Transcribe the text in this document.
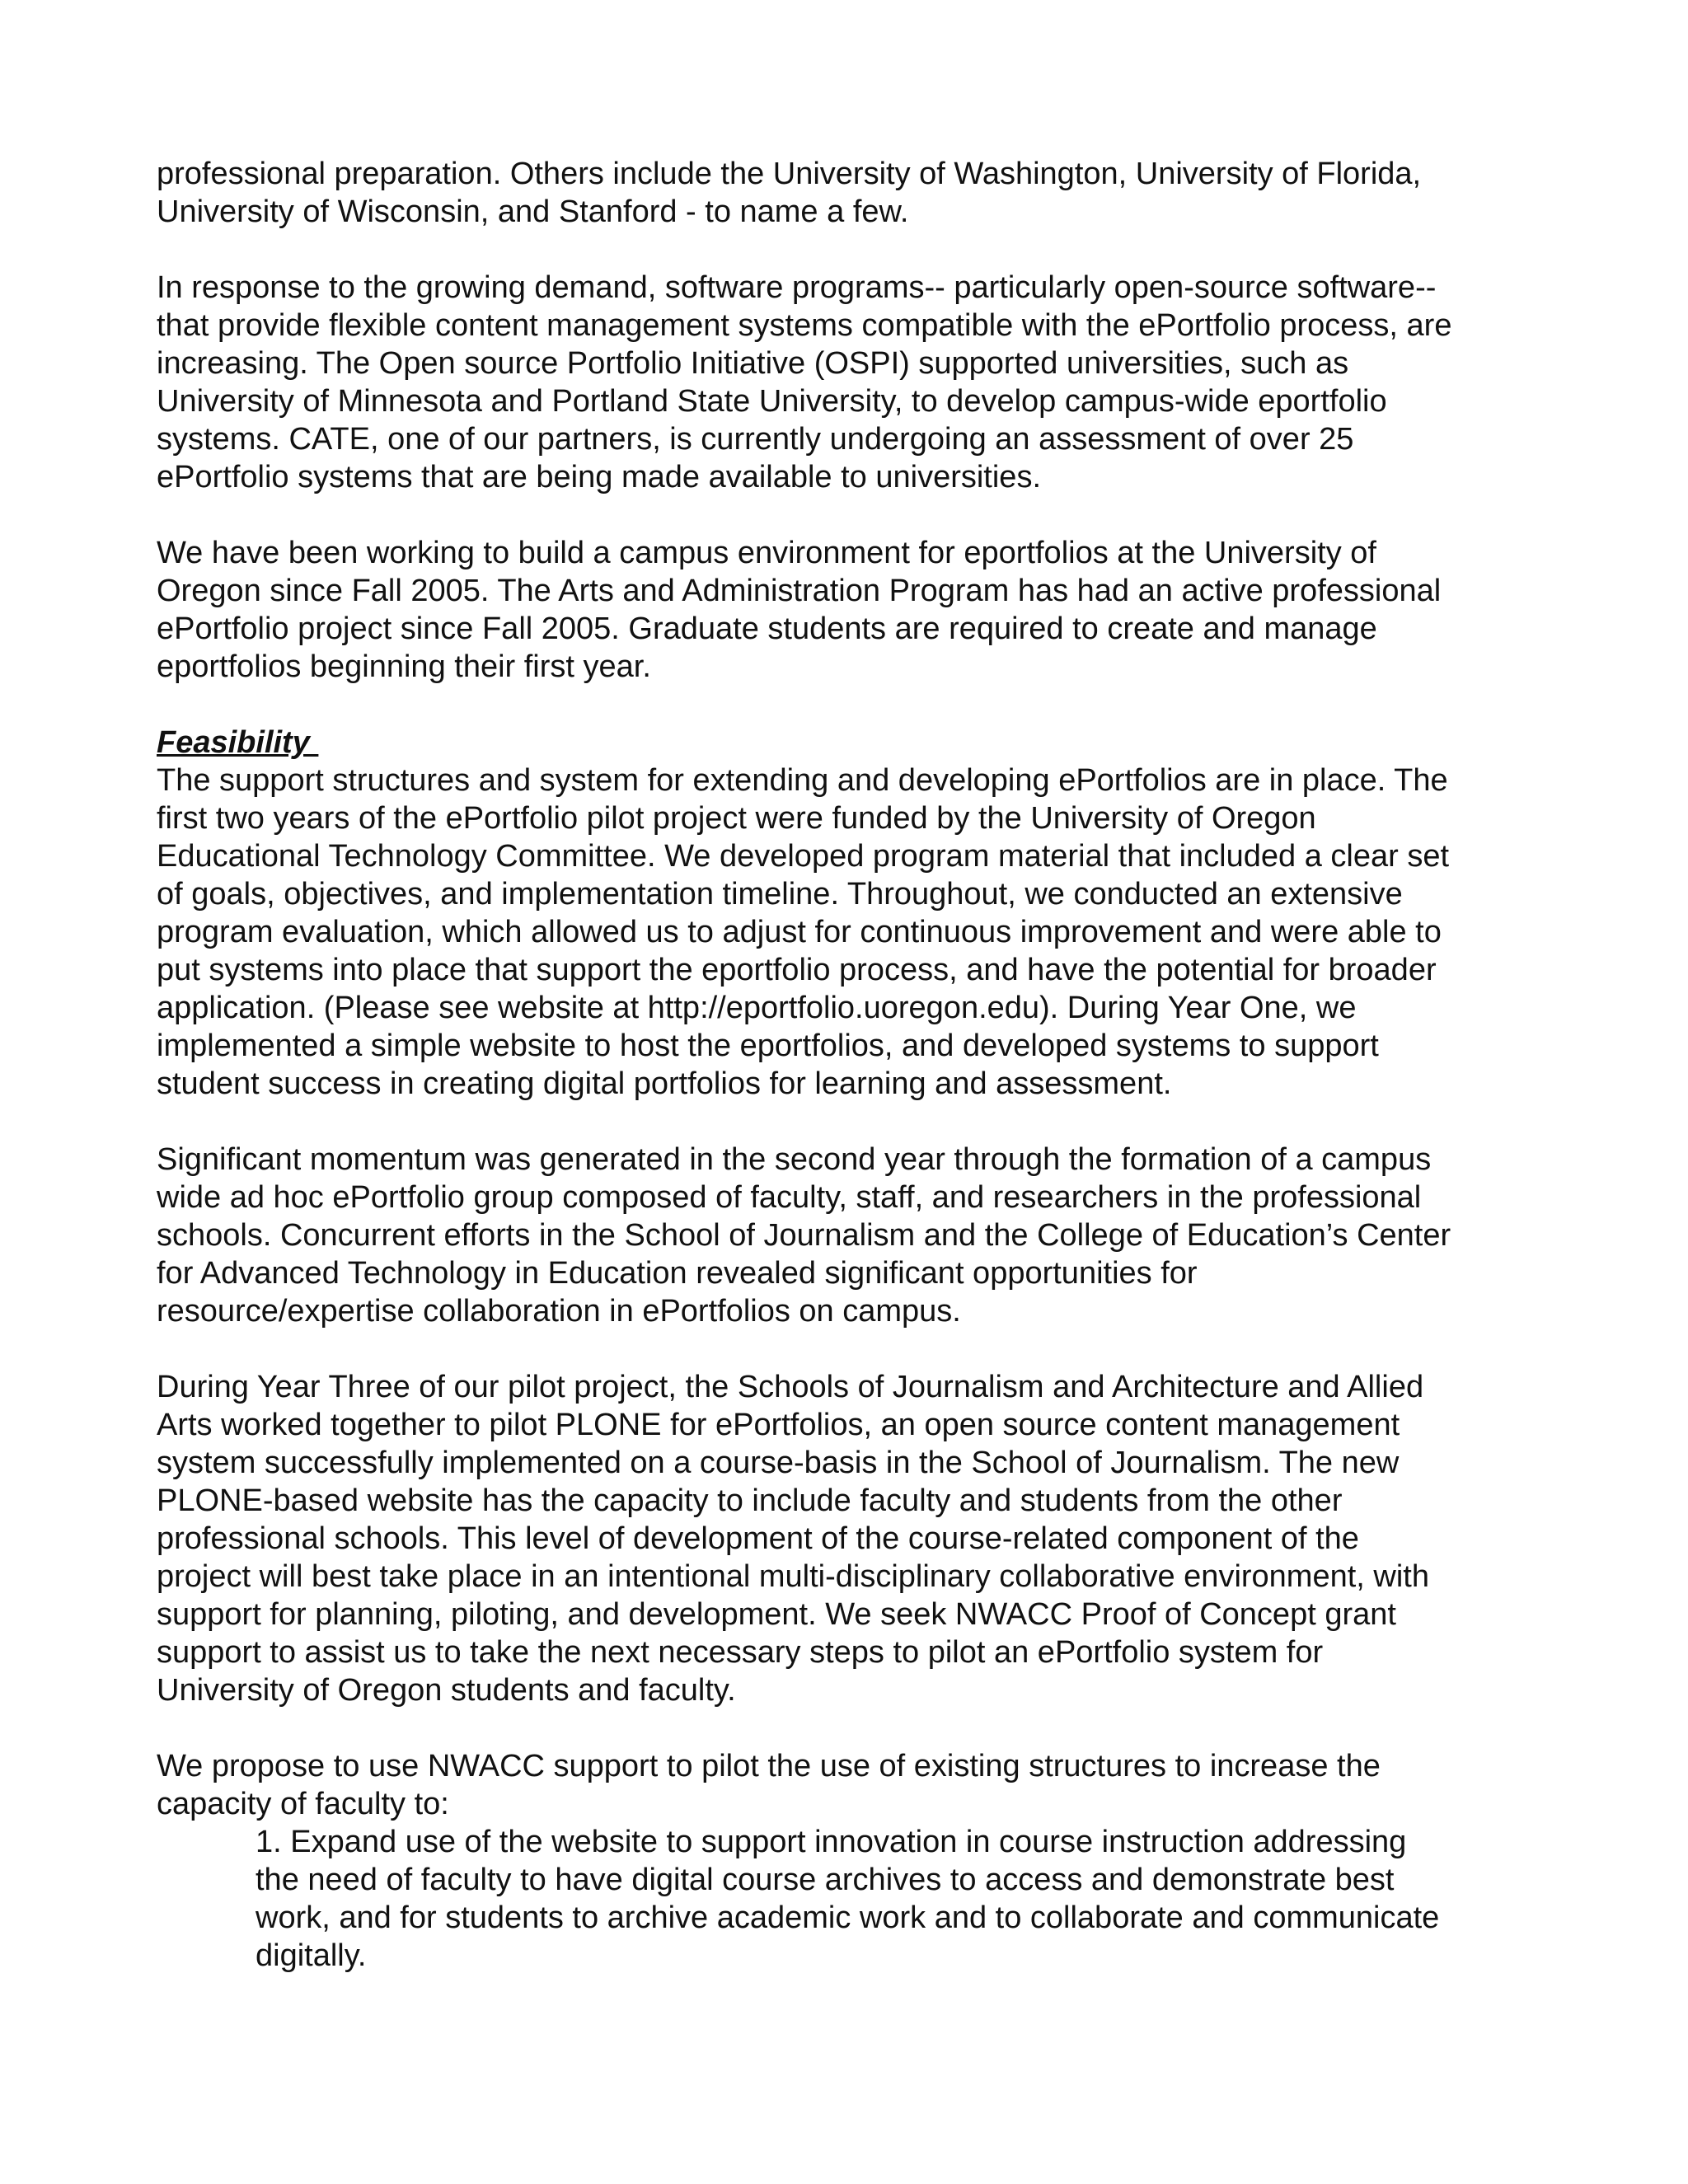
professional preparation. Others include the University of Washington, University of Florida,
University of Wisconsin, and Stanford - to name a few.

In response to the growing demand, software programs-- particularly open-source software--
that provide flexible content management systems compatible with the ePortfolio process, are
increasing. The Open source Portfolio Initiative (OSPI) supported universities, such as
University of Minnesota and Portland State University, to develop campus-wide eportfolio
systems. CATE, one of our partners, is currently undergoing an assessment of over 25
ePortfolio systems that are being made available to universities.

We have been working to build a campus environment for eportfolios at the University of
Oregon since Fall 2005. The Arts and Administration Program has had an active professional
ePortfolio project since Fall 2005. Graduate students are required to create and manage
eportfolios beginning their first year.

Feasibility

The support structures and system for extending and developing ePortfolios are in place. The
first two years of the ePortfolio pilot project were funded by the University of Oregon
Educational Technology Committee. We developed program material that included a clear set
of goals, objectives, and implementation timeline. Throughout, we conducted an extensive
program evaluation, which allowed us to adjust for continuous improvement and were able to
put systems into place that support the eportfolio process, and have the potential for broader
application. (Please see website at http://eportfolio.uoregon.edu). During Year One, we
implemented a simple website to host the eportfolios, and developed systems to support
student success in creating digital portfolios for learning and assessment.

Significant momentum was generated in the second year through the formation of a campus
wide ad hoc ePortfolio group composed of faculty, staff, and researchers in the professional
schools. Concurrent efforts in the School of Journalism and the College of Education’s Center
for Advanced Technology in Education revealed significant opportunities for
resource/expertise collaboration in ePortfolios on campus.

During Year Three of our pilot project, the Schools of Journalism and Architecture and Allied
Arts worked together to pilot PLONE for ePortfolios, an open source content management
system successfully implemented on a course-basis in the School of Journalism. The new
PLONE-based website has the capacity to include faculty and students from the other
professional schools. This level of development of the course-related component of the
project will best take place in an intentional multi-disciplinary collaborative environment, with
support for planning, piloting, and development. We seek NWACC Proof of Concept grant
support to assist us to take the next necessary steps to pilot an ePortfolio system for
University of Oregon students and faculty.

We propose to use NWACC support to pilot the use of existing structures to increase the
capacity of faculty to:

1. Expand use of the website to support innovation in course instruction addressing
the need of faculty to have digital course archives to access and demonstrate best
work, and for students to archive academic work and to collaborate and communicate
digitally.
